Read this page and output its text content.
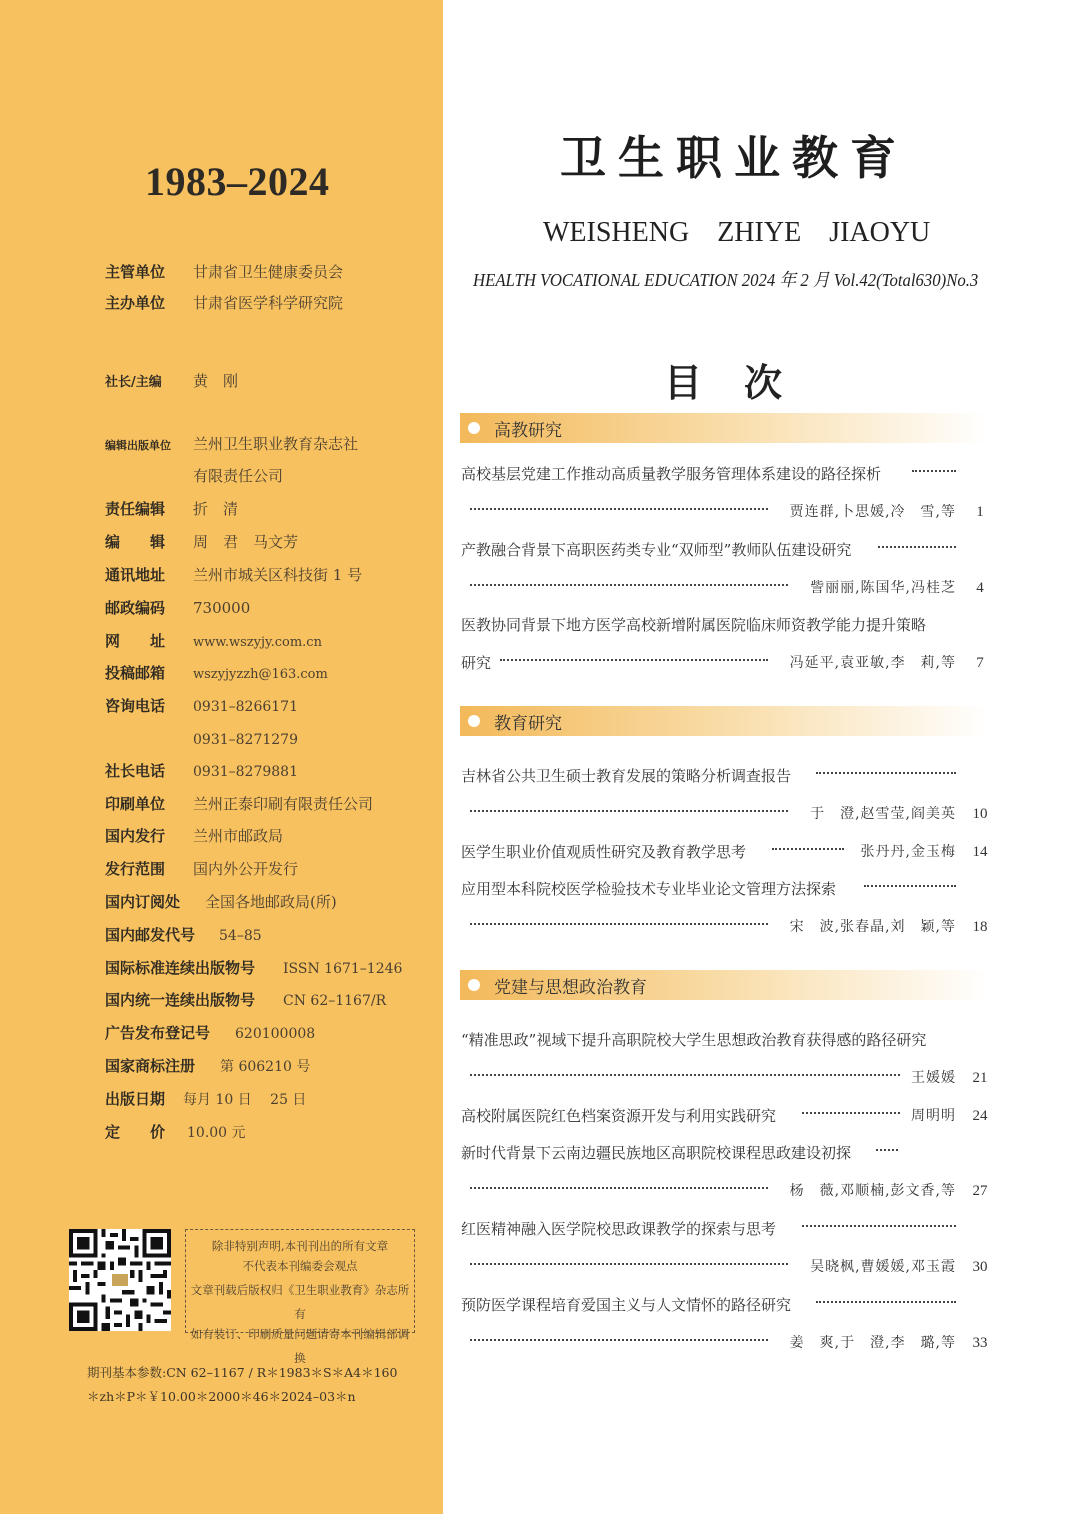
1983–2024
主管单位 甘肃省卫生健康委员会
主办单位 甘肃省医学科学研究院
社长/主编 黄　刚
编辑出版单位 兰州卫生职业教育杂志社
有限责任公司
责任编辑 折　清
编　　辑 周　君　马文芳
通讯地址 兰州市城关区科技街 1 号
邮政编码 730000
网　　址 www.wszyjy.com.cn
投稿邮箱 wszyjyzzh@163.com
咨询电话 0931–8266171
0931–8271279
社长电话 0931–8279881
印刷单位 兰州正泰印刷有限责任公司
国内发行 兰州市邮政局
发行范围 国内外公开发行
国内订阅处 全国各地邮政局(所)
国内邮发代号 54–85
国际标准连续出版物号 ISSN 1671–1246
国内统一连续出版物号 CN 62–1167/R
广告发布登记号 620100008
国家商标注册 第 606210 号
出版日期 每月 10 日　 25 日
定　　价 10.00 元
除非特别声明,本刊刊出的所有文章
不代表本刊编委会观点
文章刊载后版权归《卫生职业教育》杂志所有
如有装订、印刷质量问题请寄本刊编辑部调换
期刊基本参数:CN 62–1167 / R＊1983＊S＊A4＊160
＊zh＊P＊￥10.00＊2000＊46＊2024–03＊n
卫生职业教育
WEISHENG　ZHIYE　JIAOYU
HEALTH VOCATIONAL EDUCATION 2024 年 2 月 Vol.42(Total630)No.3
目次
高教研究
高校基层党建工作推动高质量教学服务管理体系建设的路径探析
贾连群,卜思媛,冷　雪,等	1
产教融合背景下高职医药类专业“双师型”教师队伍建设研究
訾丽丽,陈国华,冯桂芝	4
医教协同背景下地方医学高校新增附属医院临床师资教学能力提升策略
研究	冯延平,袁亚敏,李　莉,等	7
教育研究
吉林省公共卫生硕士教育发展的策略分析调查报告
于　澄,赵雪莹,阎美英 10
医学生职业价值观质性研究及教育教学思考	张丹丹,金玉梅 14
应用型本科院校医学检验技术专业毕业论文管理方法探索
宋　波,张春晶,刘　颖,等 18
党建与思想政治教育
“精准思政”视域下提升高职院校大学生思想政治教育获得感的路径研究
王媛媛 21
高校附属医院红色档案资源开发与利用实践研究	周明明 24
新时代背景下云南边疆民族地区高职院校课程思政建设初探
杨　薇,邓顺楠,彭文香,等 27
红医精神融入医学院校思政课教学的探索与思考
吴晓枫,曹媛媛,邓玉霞 30
预防医学课程培育爱国主义与人文情怀的路径研究
姜　爽,于　澄,李　璐,等 33
